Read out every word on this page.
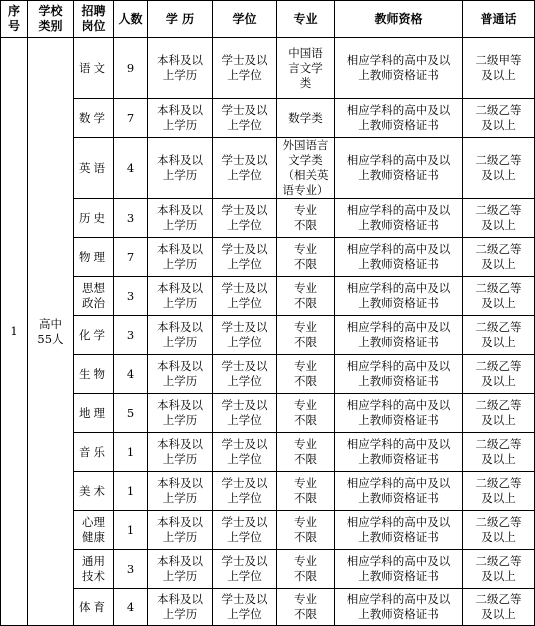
序
号	学校
类别	招聘
岗位	人数	学 历	学位	专业	教师资格	普通话
1	高中
55人	语文	9	本科及以
上学历	学士及以
上学位	中国语
言文学
类	相应学科的高中及以
上教师资格证书	二级甲等
及以上
		数学	7	本科及以
上学历	学士及以
上学位	数学类	相应学科的高中及以
上教师资格证书	二级乙等
及以上
		英语	4	本科及以
上学历	学士及以
上学位	外国语言
文学类
（相关英
语专业）	相应学科的高中及以
上教师资格证书	二级乙等
及以上
		历史	3	本科及以
上学历	学士及以
上学位	专业
不限	相应学科的高中及以
上教师资格证书	二级乙等
及以上
		物理	7	本科及以
上学历	学士及以
上学位	专业
不限	相应学科的高中及以
上教师资格证书	二级乙等
及以上
		思想
政治	3	本科及以
上学历	学士及以
上学位	专业
不限	相应学科的高中及以
上教师资格证书	二级乙等
及以上
		化学	3	本科及以
上学历	学士及以
上学位	专业
不限	相应学科的高中及以
上教师资格证书	二级乙等
及以上
		生物	4	本科及以
上学历	学士及以
上学位	专业
不限	相应学科的高中及以
上教师资格证书	二级乙等
及以上
		地理	5	本科及以
上学历	学士及以
上学位	专业
不限	相应学科的高中及以
上教师资格证书	二级乙等
及以上
		音乐	1	本科及以
上学历	学士及以
上学位	专业
不限	相应学科的高中及以
上教师资格证书	二级乙等
及以上
		美术	1	本科及以
上学历	学士及以
上学位	专业
不限	相应学科的高中及以
上教师资格证书	二级乙等
及以上
		心理
健康	1	本科及以
上学历	学士及以
上学位	专业
不限	相应学科的高中及以
上教师资格证书	二级乙等
及以上
		通用
技术	3	本科及以
上学历	学士及以
上学位	专业
不限	相应学科的高中及以
上教师资格证书	二级乙等
及以上
		体育	4	本科及以
上学历	学士及以
上学位	专业
不限	相应学科的高中及以
上教师资格证书	二级乙等
及以上
